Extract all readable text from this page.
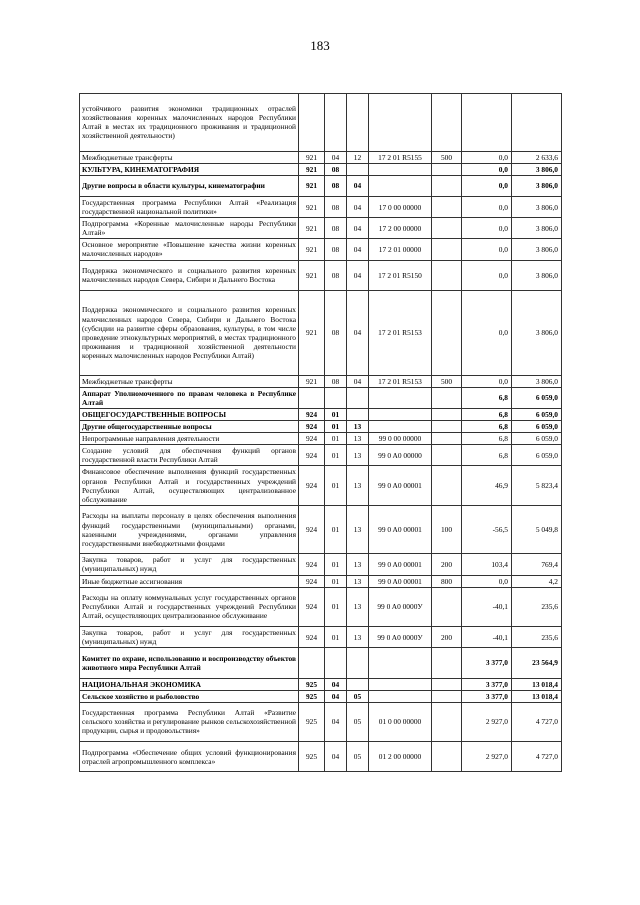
183
устойчивого развития экономики традиционных отраслей хозяйствования коренных малочисленных народов Республики Алтай в местах их традиционного проживания и традиционной хозяйственной деятельности)							
Межбюджетные трансферты	921	04	12	17 2 01 R5155	500	0,0	2 633,6
КУЛЬТУРА, КИНЕМАТОГРАФИЯ	921	08				0,0	3 806,0
Другие вопросы в области культуры, кинематографии	921	08	04			0,0	3 806,0
Государственная программа Республики Алтай «Реализация государственной национальной политики»	921	08	04	17 0 00 00000		0,0	3 806,0
Подпрограмма «Коренные малочисленные народы Республики Алтай»	921	08	04	17 2 00 00000		0,0	3 806,0
Основное мероприятие «Повышение качества жизни коренных малочисленных народов»	921	08	04	17 2 01 00000		0,0	3 806,0
Поддержка экономического и социального развития коренных малочисленных народов Севера, Сибири и Дальнего Востока	921	08	04	17 2 01 R5150		0,0	3 806,0
Поддержка экономического и социального развития коренных малочисленных народов Севера, Сибири и Дальнего Востока (субсидии на развитие сферы образования, культуры, в том числе проведение этнокультурных мероприятий, в местах традиционного проживания и традиционной хозяйственной деятельности коренных малочисленных народов Республики Алтай)	921	08	04	17 2 01 R5153		0,0	3 806,0
Межбюджетные трансферты	921	08	04	17 2 01 R5153	500	0,0	3 806,0
Аппарат Уполномоченного по правам человека в Республике Алтай						6,8	6 059,0
ОБЩЕГОСУДАРСТВЕННЫЕ ВОПРОСЫ	924	01				6,8	6 059,0
Другие общегосударственные вопросы	924	01	13			6,8	6 059,0
Непрограммные направления деятельности	924	01	13	99 0 00 00000		6,8	6 059,0
Создание условий для обеспечения функций органов государственной власти Республики Алтай	924	01	13	99 0 A0 00000		6,8	6 059,0
Финансовое обеспечение выполнения функций государственных органов Республики Алтай и государственных учреждений Республики Алтай, осуществляющих централизованное обслуживание	924	01	13	99 0 A0 00001		46,9	5 823,4
Расходы на выплаты персоналу в целях обеспечения выполнения функций государственными (муниципальными) органами, казенными учреждениями, органами управления государственными внебюджетными фондами	924	01	13	99 0 A0 00001	100	-56,5	5 049,8
Закупка товаров, работ и услуг для государственных (муниципальных) нужд	924	01	13	99 0 A0 00001	200	103,4	769,4
Иные бюджетные ассигнования	924	01	13	99 0 A0 00001	800	0,0	4,2
Расходы на оплату коммунальных услуг государственных органов Республики Алтай и государственных учреждений Республики Алтай, осуществляющих централизованное обслуживание	924	01	13	99 0 A0 0000У		-40,1	235,6
Закупка товаров, работ и услуг для государственных (муниципальных) нужд	924	01	13	99 0 A0 0000У	200	-40,1	235,6
Комитет по охране, использованию и воспроизводству объектов животного мира Республики Алтай						3 377,0	23 564,9
НАЦИОНАЛЬНАЯ ЭКОНОМИКА	925	04				3 377,0	13 018,4
Сельское хозяйство и рыболовство	925	04	05			3 377,0	13 018,4
Государственная программа Республики Алтай «Развитие сельского хозяйства и регулирование рынков сельскохозяйственной продукции, сырья и продовольствия»	925	04	05	01 0 00 00000		2 927,0	4 727,0
Подпрограмма «Обеспечение общих условий функционирования отраслей агропромышленного комплекса»	925	04	05	01 2 00 00000		2 927,0	4 727,0
